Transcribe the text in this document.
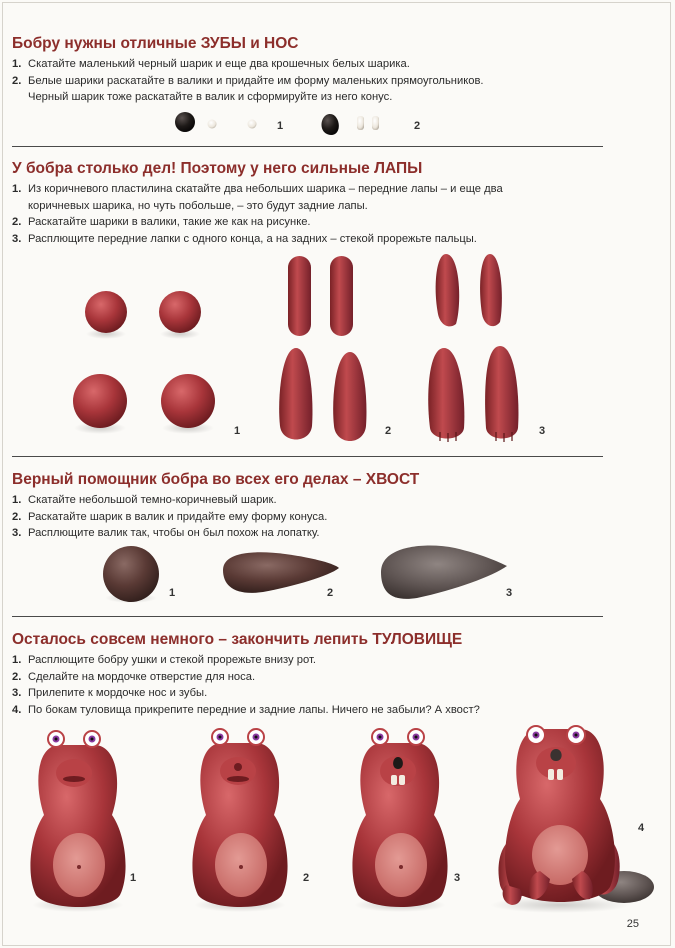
Бобру нужны отличные ЗУБЫ и НОС
1. Скатайте маленький черный шарик и еще два крошечных белых шарика.
2. Белые шарики раскатайте в валики и придайте им форму маленьких прямоугольников.
Черный шарик тоже раскатайте в валик и сформируйте из него конус.
1	2
У бобра столько дел! Поэтому у него сильные ЛАПЫ
1. Из коричневого пластилина скатайте два небольших шарика – передние лапы – и еще два
коричневых шарика, но чуть побольше, – это будут задние лапы.
2. Раскатайте шарики в валики, такие же как на рисунке.
3. Расплющите передние лапки с одного конца, а на задних – стекой прорежьте пальцы.
1	2	3
Верный помощник бобра во всех его делах – ХВОСТ
1. Скатайте небольшой темно-коричневый шарик.
2. Раскатайте шарик в валик и придайте ему форму конуса.
3. Расплющите валик так, чтобы он был похож на лопатку.
1	2	3
Осталось совсем немного – закончить лепить ТУЛОВИЩЕ
1. Расплющите бобру ушки и стекой прорежьте внизу рот.
2. Сделайте на мордочке отверстие для носа.
3. Прилепите к мордочке нос и зубы.
4. По бокам туловища прикрепите передние и задние лапы. Ничего не забыли? А хвост?
1	2	3
4
25
